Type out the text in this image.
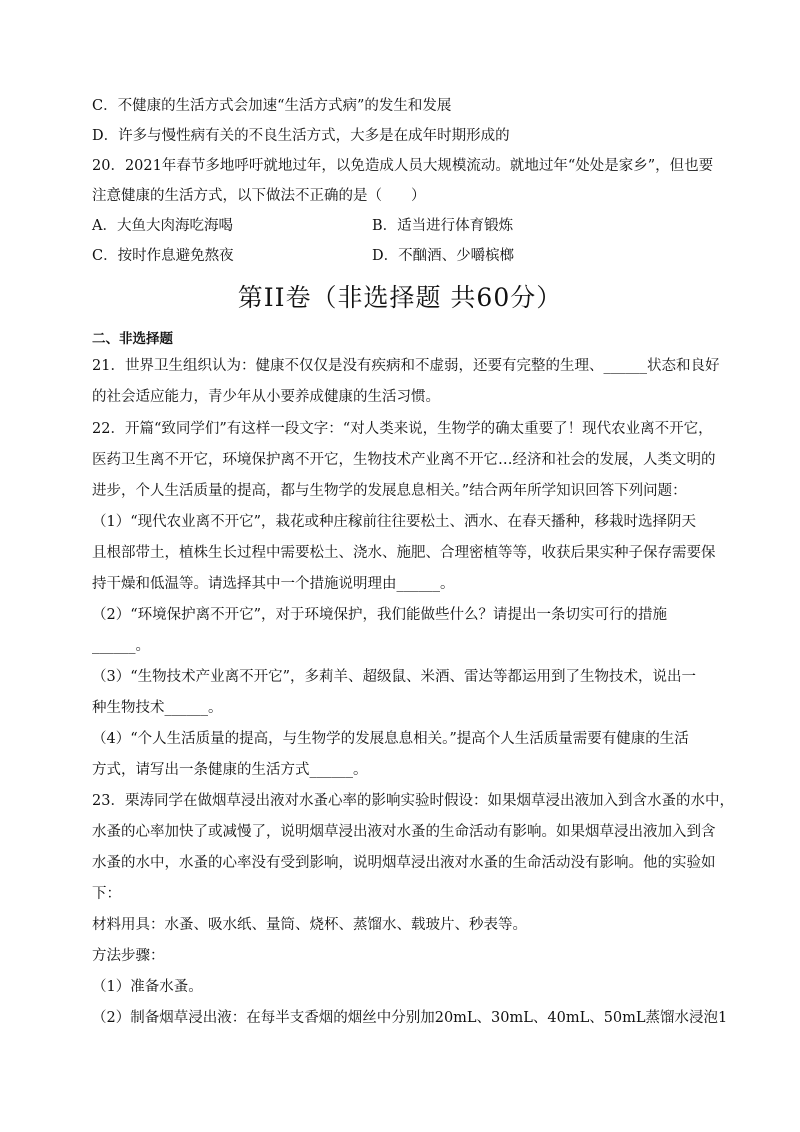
C．不健康的生活方式会加速“生活方式病”的发生和发展
D．许多与慢性病有关的不良生活方式，大多是在成年时期形成的
20．2021年春节多地呼吁就地过年，以免造成人员大规模流动。就地过年“处处是家乡”，但也要
注意健康的生活方式，以下做法不正确的是（　　）
A．大鱼大肉海吃海喝	B．适当进行体育锻炼
C．按时作息避免熬夜	D．不酗酒、少嚼槟榔
第II卷（非选择题 共60分）
二、非选择题
21．世界卫生组织认为：健康不仅仅是没有疾病和不虚弱，还要有完整的生理、______状态和良好
的社会适应能力，青少年从小要养成健康的生活习惯。
22．开篇“致同学们”有这样一段文字：“对人类来说，生物学的确太重要了！现代农业离不开它，
医药卫生离不开它，环境保护离不开它，生物技术产业离不开它…经济和社会的发展，人类文明的
进步，个人生活质量的提高，都与生物学的发展息息相关。”结合两年所学知识回答下列问题：
（1）“现代农业离不开它”，栽花或种庄稼前往往要松土、洒水、在春天播种，移栽时选择阴天
且根部带土，植株生长过程中需要松土、浇水、施肥、合理密植等等，收获后果实种子保存需要保
持干燥和低温等。请选择其中一个措施说明理由______。
（2）“环境保护离不开它”，对于环境保护，我们能做些什么？请提出一条切实可行的措施
______。
（3）“生物技术产业离不开它”，多莉羊、超级鼠、米酒、雷达等都运用到了生物技术，说出一
种生物技术______。
（4）“个人生活质量的提高，与生物学的发展息息相关。”提高个人生活质量需要有健康的生活
方式，请写出一条健康的生活方式______。
23．栗涛同学在做烟草浸出液对水蚤心率的影响实验时假设：如果烟草浸出液加入到含水蚤的水中，
水蚤的心率加快了或减慢了，说明烟草浸出液对水蚤的生命活动有影响。如果烟草浸出液加入到含
水蚤的水中，水蚤的心率没有受到影响，说明烟草浸出液对水蚤的生命活动没有影响。他的实验如
下：
材料用具：水蚤、吸水纸、量筒、烧杯、蒸馏水、载玻片、秒表等。
方法步骤：
（1）准备水蚤。
（2）制备烟草浸出液：在每半支香烟的烟丝中分别加20mL、30mL、40mL、50mL蒸馏水浸泡1
